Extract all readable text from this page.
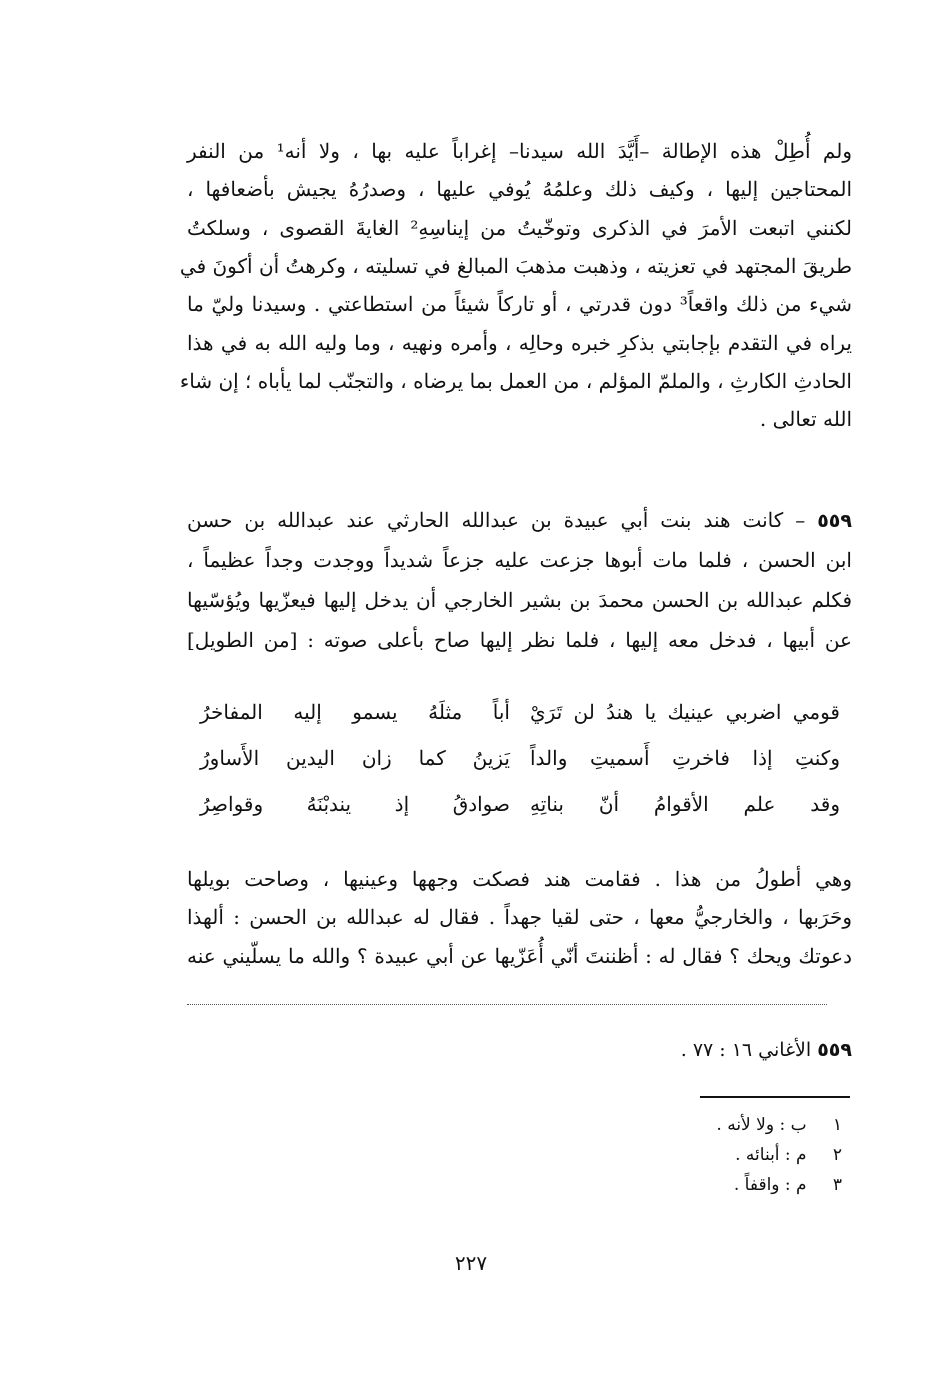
ولم أُطِلْ هذه الإطالة –أَيَّدَ الله سيدنا– إغراباً عليه بها ، ولا أنه¹ من النفر
المحتاجين إليها ، وكيف ذلك وعلمُهُ يُوفي عليها ، وصدرُهُ يجيش بأضعافها ،
لكنني اتبعت الأمرَ في الذكرى وتوخّيتُ من إيناسِهِ² الغايةَ القصوى ، وسلكتُ
طريقَ المجتهد في تعزيته ، وذهبت مذهبَ المبالغ في تسليته ، وكرهتُ أن أكونَ في
شيء من ذلك واقعاً³ دون قدرتي ، أو تاركاً شيئاً من استطاعتي . وسيدنا وليّ ما
يراه في التقدم بإجابتي بذكرِ خبره وحالِه ، وأمره ونهيه ، وما وليه الله به في هذا
الحادثِ الكارثِ ، والملمّ المؤلم ، من العمل بما يرضاه ، والتجنّب لما يأباه ؛ إن شاء
الله تعالى .
٥٥٩ – كانت هند بنت أبي عبيدة بن عبدالله الحارثي عند عبدالله بن حسن
ابن الحسن ، فلما مات أبوها جزعت عليه جزعاً شديداً ووجدت وجداً عظيماً ،
فكلم عبدالله بن الحسن محمدَ بن بشير الخارجي أن يدخل إليها فيعزّيها ويُؤسّيها
عن أبيها ، فدخل معه إليها ، فلما نظر إليها صاح بأعلى صوته : [من الطويل]
قومي اضربي عينيك يا هندُ لن تَرَيْ
أباً مثلَهُ يسمو إليه المفاخرُ
وكنتِ إذا فاخرتِ أَسميتِ والداً
يَزينُ كما زان اليدين الأَساورُ
وقد علم الأقوامُ أنّ بناتِهِ
صوادقُ إذ يندبْنَهُ وقواصِرُ
وهي أطولُ من هذا . فقامت هند فصكت وجهها وعينيها ، وصاحت بويلها
وحَرَبها ، والخارجيُّ معها ، حتى لقيا جهداً . فقال له عبدالله بن الحسن : ألهذا
دعوتك ويحك ؟ فقال له : أظننتَ أنّي أُعَزّيها عن أبي عبيدة ؟ والله ما يسلّيني عنه
٥٥٩ الأغاني ١٦ : ٧٧ .
١ ب : ولا لأنه .
٢ م : أبنائه .
٣ م : واقفاً .
٢٢٧
